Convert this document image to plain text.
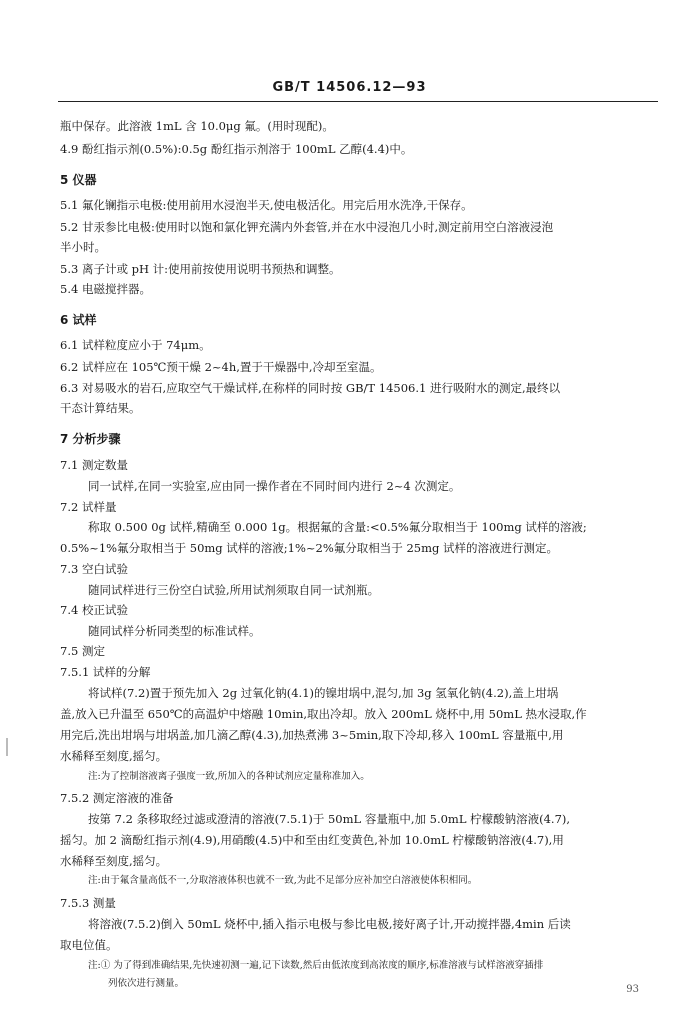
GB/T 14506.12—93
瓶中保存。此溶液 1mL 含 10.0μg 氟。(用时现配)。
4.9 酚红指示剂(0.5%):0.5g 酚红指示剂溶于 100mL 乙醇(4.4)中。
5 仪器
5.1 氟化镧指示电极:使用前用水浸泡半天,使电极活化。用完后用水洗净,干保存。
5.2 甘汞参比电极:使用时以饱和氯化钾充满内外套管,并在水中浸泡几小时,测定前用空白溶液浸泡
半小时。
5.3 离子计或 pH 计:使用前按使用说明书预热和调整。
5.4 电磁搅拌器。
6 试样
6.1 试样粒度应小于 74μm。
6.2 试样应在 105℃预干燥 2~4h,置于干燥器中,冷却至室温。
6.3 对易吸水的岩石,应取空气干燥试样,在称样的同时按 GB/T 14506.1 进行吸附水的测定,最终以
干态计算结果。
7 分析步骤
7.1 测定数量
同一试样,在同一实验室,应由同一操作者在不同时间内进行 2~4 次测定。
7.2 试样量
称取 0.500 0g 试样,精确至 0.000 1g。根据氟的含量:<0.5%氟分取相当于 100mg 试样的溶液;
0.5%~1%氟分取相当于 50mg 试样的溶液;1%~2%氟分取相当于 25mg 试样的溶液进行测定。
7.3 空白试验
随同试样进行三份空白试验,所用试剂须取自同一试剂瓶。
7.4 校正试验
随同试样分析同类型的标准试样。
7.5 测定
7.5.1 试样的分解
将试样(7.2)置于预先加入 2g 过氧化钠(4.1)的镍坩埚中,混匀,加 3g 氢氧化钠(4.2),盖上坩埚
盖,放入已升温至 650℃的高温炉中熔融 10min,取出冷却。放入 200mL 烧杯中,用 50mL 热水浸取,作
用完后,洗出坩埚与坩埚盖,加几滴乙醇(4.3),加热煮沸 3~5min,取下冷却,移入 100mL 容量瓶中,用
水稀释至刻度,摇匀。
注:为了控制溶液离子强度一致,所加入的各种试剂应定量称准加入。
7.5.2 测定溶液的准备
按第 7.2 条移取经过滤或澄清的溶液(7.5.1)于 50mL 容量瓶中,加 5.0mL 柠檬酸钠溶液(4.7),
摇匀。加 2 滴酚红指示剂(4.9),用硝酸(4.5)中和至由红变黄色,补加 10.0mL 柠檬酸钠溶液(4.7),用
水稀释至刻度,摇匀。
注:由于氟含量高低不一,分取溶液体积也就不一致,为此不足部分应补加空白溶液使体积相同。
7.5.3 测量
将溶液(7.5.2)倒入 50mL 烧杯中,插入指示电极与参比电极,接好离子计,开动搅拌器,4min 后读
取电位值。
注:① 为了得到准确结果,先快速初测一遍,记下读数,然后由低浓度到高浓度的顺序,标准溶液与试样溶液穿插排
列依次进行测量。
93
